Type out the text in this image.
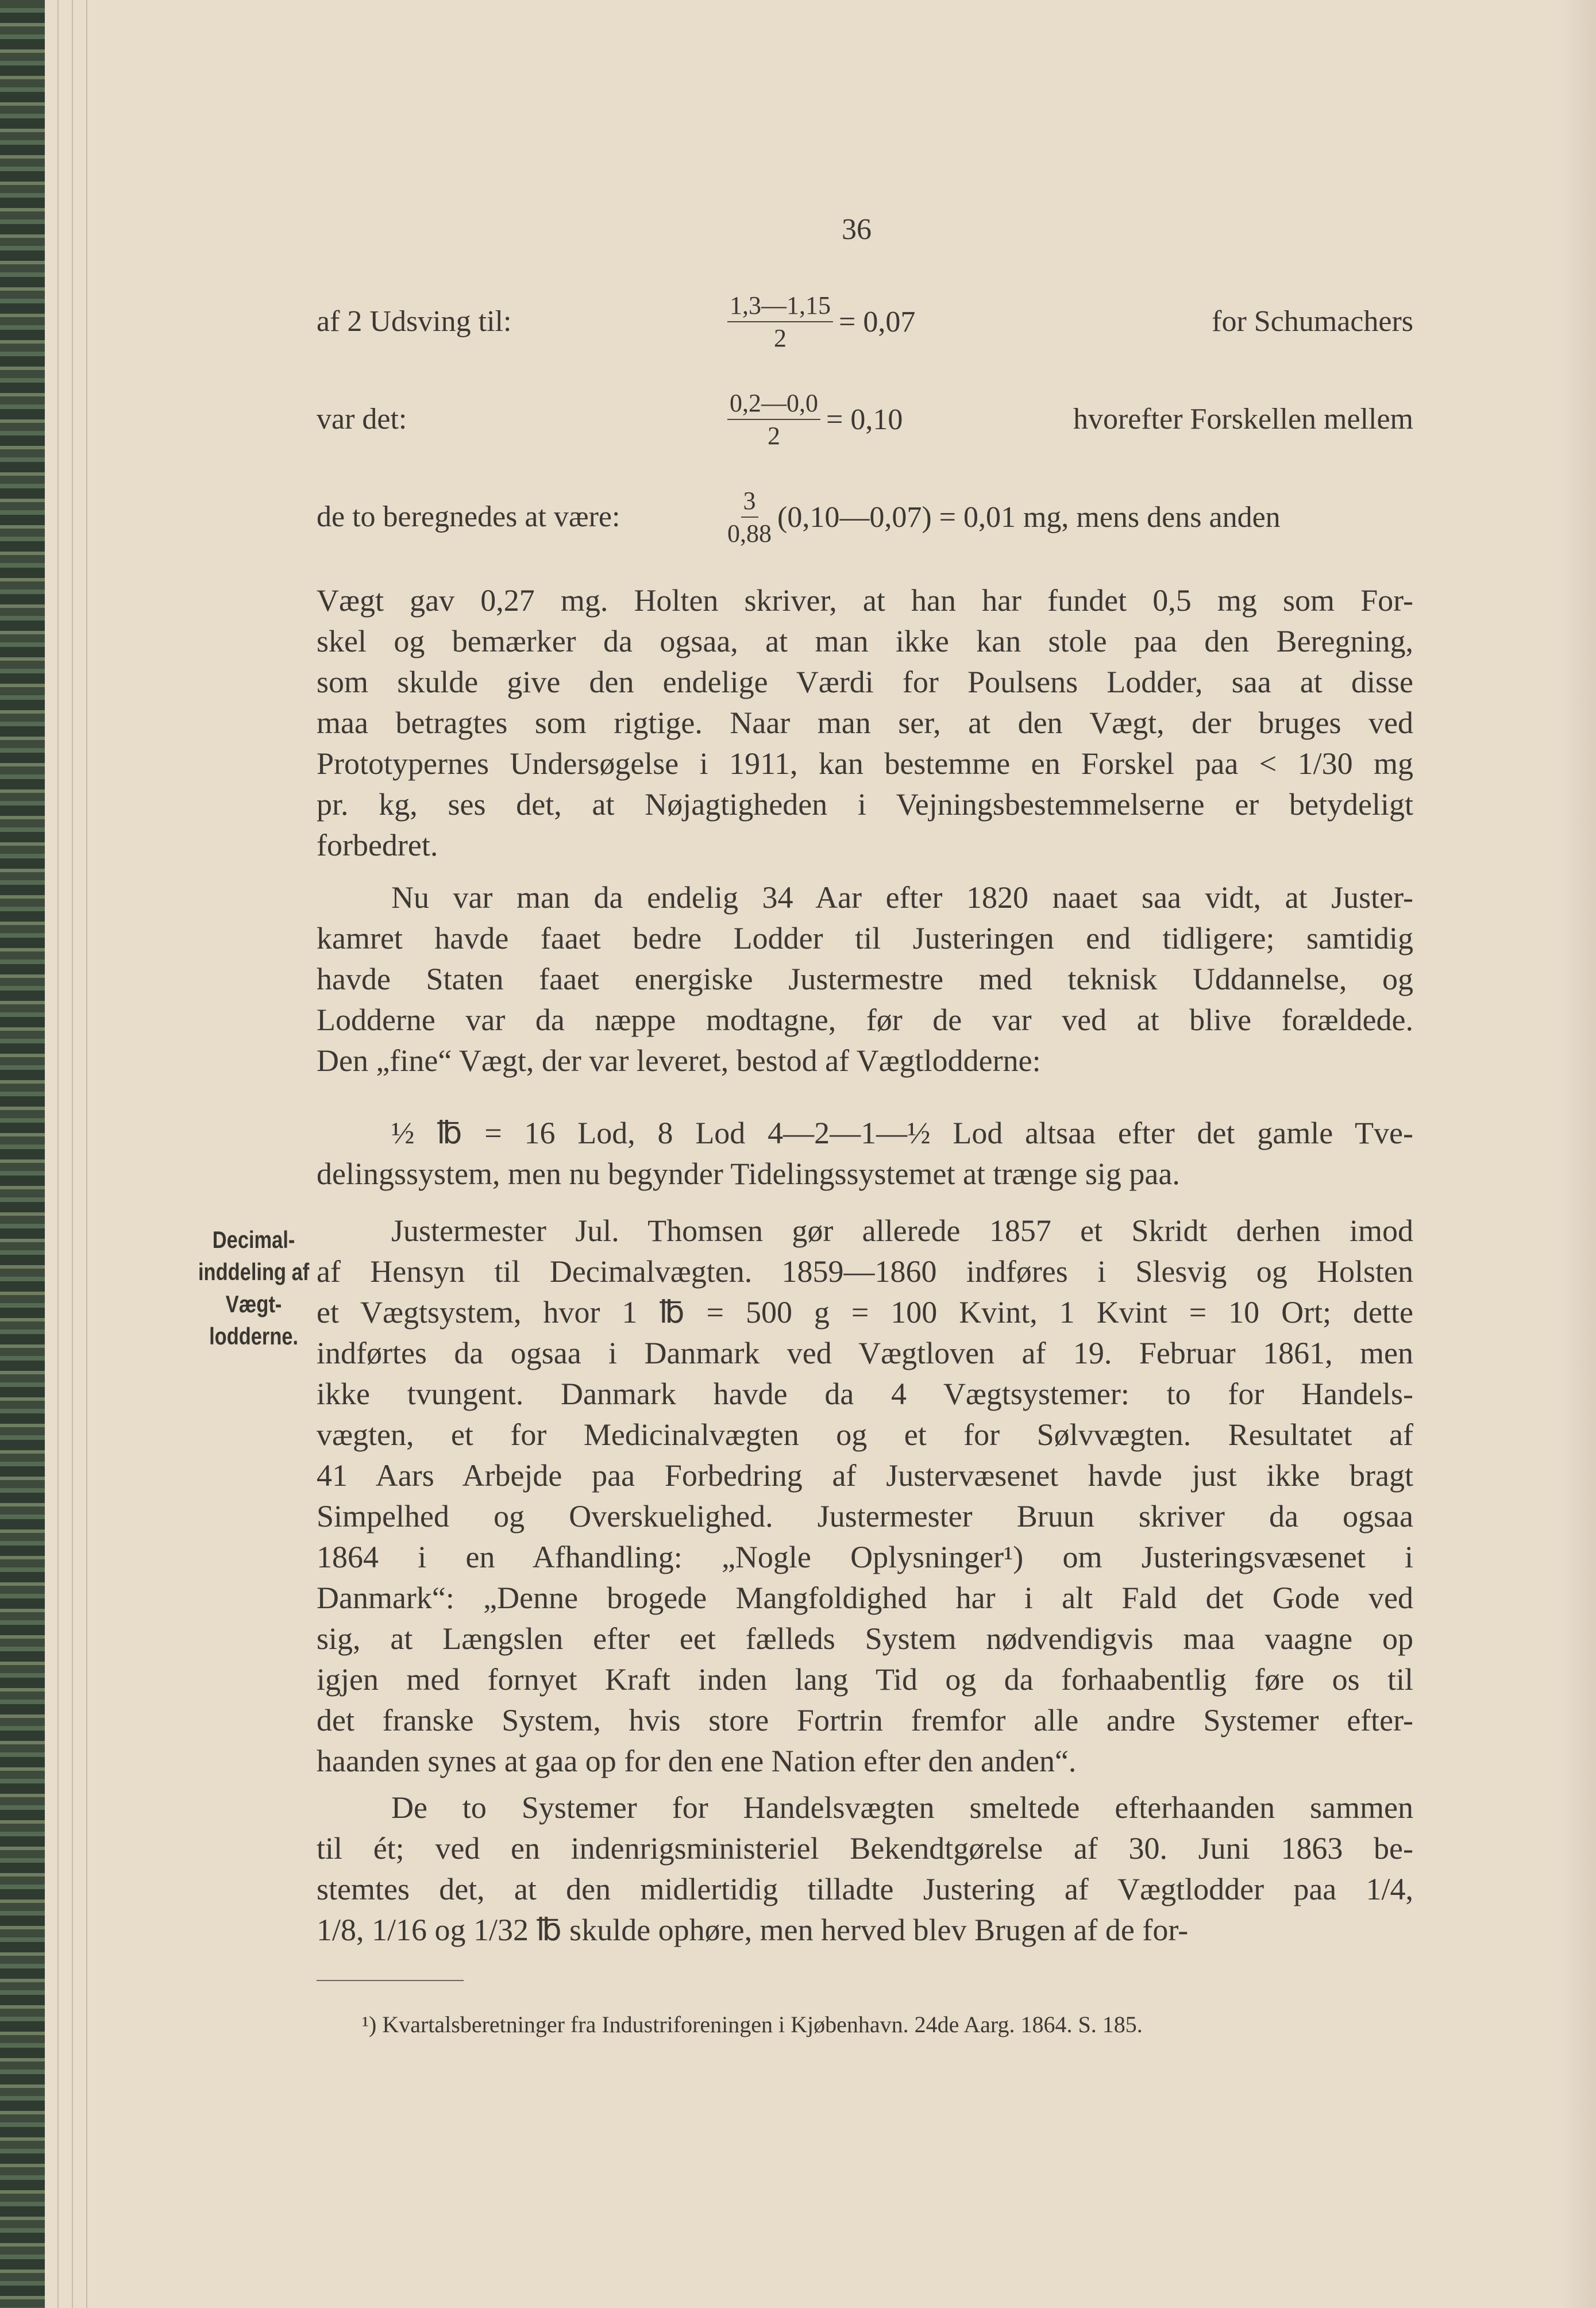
36
af 2 Udsving til:	$\frac{1,3—1,15}{2} = 0,07$	for Schumachers
var det:	$\frac{0,2—0,0}{2} = 0,10$	hvorefter Forskellen mellem
de to beregnedes at være:	$\frac{3}{0,88}$ (0,10—0,07) = 0,01 mg, mens dens anden
Vægt gav 0,27 mg. Holten skriver, at han har fundet 0,5 mg som For-
skel og bemærker da ogsaa, at man ikke kan stole paa den Beregning,
som skulde give den endelige Værdi for Poulsens Lodder, saa at disse
maa betragtes som rigtige. Naar man ser, at den Vægt, der bruges ved
Prototypernes Undersøgelse i 1911, kan bestemme en Forskel paa < 1/30 mg
pr. kg, ses det, at Nøjagtigheden i Vejningsbestemmelserne er betydeligt
forbedret.
Nu var man da endelig 34 Aar efter 1820 naaet saa vidt, at Juster-
kamret havde faaet bedre Lodder til Justeringen end tidligere; samtidig
havde Staten faaet energiske Justermestre med teknisk Uddannelse, og
Lodderne var da næppe modtagne, før de var ved at blive forældede.
Den „fine“ Vægt, der var leveret, bestod af Vægtlodderne:
½ ℔ = 16 Lod, 8 Lod 4—2—1—½ Lod altsaa efter det gamle Tve-
delingssystem, men nu begynder Tidelingssystemet at trænge sig paa.
Justermester Jul. Thomsen gør allerede 1857 et Skridt derhen imod
af Hensyn til Decimalvægten. 1859—1860 indføres i Slesvig og Holsten
et Vægtsystem, hvor 1 ℔ = 500 g = 100 Kvint, 1 Kvint = 10 Ort; dette
indførtes da ogsaa i Danmark ved Vægtloven af 19. Februar 1861, men
ikke tvungent. Danmark havde da 4 Vægtsystemer: to for Handels-
vægten, et for Medicinalvægten og et for Sølvvægten. Resultatet af
41 Aars Arbejde paa Forbedring af Justervæsenet havde just ikke bragt
Simpelhed og Overskuelighed. Justermester Bruun skriver da ogsaa
1864 i en Afhandling: „Nogle Oplysninger¹) om Justeringsvæsenet i
Danmark“: „Denne brogede Mangfoldighed har i alt Fald det Gode ved
sig, at Længslen efter eet fælleds System nødvendigvis maa vaagne op
igjen med fornyet Kraft inden lang Tid og da forhaabentlig føre os til
det franske System, hvis store Fortrin fremfor alle andre Systemer efter-
haanden synes at gaa op for den ene Nation efter den anden“.
De to Systemer for Handelsvægten smeltede efterhaanden sammen
til ét; ved en indenrigsministeriel Bekendtgørelse af 30. Juni 1863 be-
stemtes det, at den midlertidig tilladte Justering af Vægtlodder paa 1/4,
1/8, 1/16 og 1/32 ℔ skulde ophøre, men herved blev Brugen af de for-
Decimal-
inddeling af
Vægt-
lodderne.
¹) Kvartalsberetninger fra Industriforeningen i Kjøbenhavn. 24de Aarg. 1864. S. 185.
